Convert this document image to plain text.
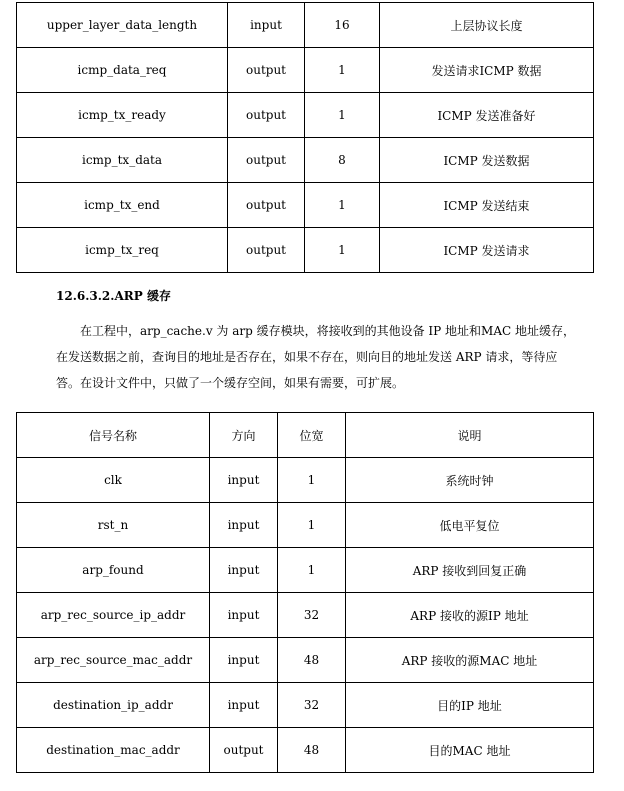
upper_layer_data_length	input	16	上层协议长度
icmp_data_req	output	1	发送请求ICMP 数据
icmp_tx_ready	output	1	ICMP 发送准备好
icmp_tx_data	output	8	ICMP 发送数据
icmp_tx_end	output	1	ICMP 发送结束
icmp_tx_req	output	1	ICMP 发送请求
12.6.3.2.ARP 缓存

在工程中，arp_cache.v 为 arp 缓存模块，将接收到的其他设备 IP 地址和MAC 地址缓存，在发送数据之前，查询目的地址是否存在，如果不存在，则向目的地址发送 ARP 请求，等待应答。在设计文件中，只做了一个缓存空间，如果有需要，可扩展。

信号名称	方向	位宽	说明
clk	input	1	系统时钟
rst_n	input	1	低电平复位
arp_found	input	1	ARP 接收到回复正确
arp_rec_source_ip_addr	input	32	ARP 接收的源IP 地址
arp_rec_source_mac_addr	input	48	ARP 接收的源MAC 地址
destination_ip_addr	input	32	目的IP 地址
destination_mac_addr	output	48	目的MAC 地址
